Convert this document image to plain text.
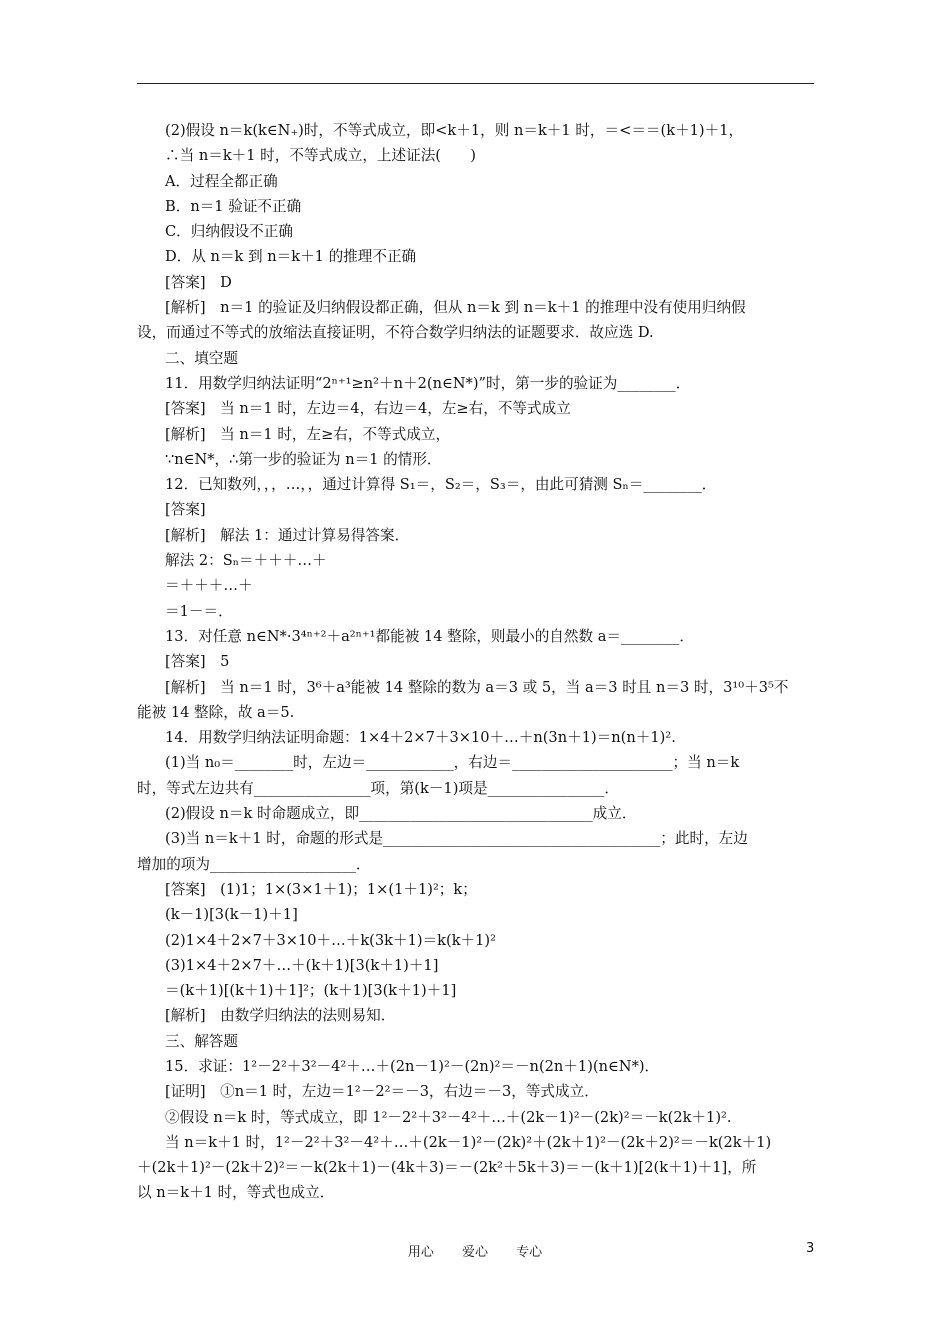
(2)假设 n＝k(k∈N₊)时，不等式成立，即<k＋1，则 n＝k＋1 时，＝<＝＝(k＋1)＋1，
∴当 n＝k＋1 时，不等式成立，上述证法(　　)
A．过程全都正确
B．n＝1 验证不正确
C．归纳假设不正确
D．从 n＝k 到 n＝k＋1 的推理不正确
[答案]　D
[解析]　n＝1 的验证及归纳假设都正确，但从 n＝k 到 n＝k＋1 的推理中没有使用归纳假
设，而通过不等式的放缩法直接证明，不符合数学归纳法的证题要求．故应选 D.
二、填空题
11．用数学归纳法证明“2ⁿ⁺¹≥n²＋n＋2(n∈N*)”时，第一步的验证为________．
[答案]　当 n＝1 时，左边＝4，右边＝4，左≥右，不等式成立
[解析]　当 n＝1 时，左≥右，不等式成立，
∵n∈N*，∴第一步的验证为 n＝1 的情形．
12．已知数列，，，…，，通过计算得 S₁＝，S₂＝，S₃＝，由此可猜测 Sₙ＝________．
[答案]
[解析]　解法 1：通过计算易得答案．
解法 2：Sₙ＝＋＋＋…＋
＝＋＋＋…＋
＝1－＝．
13．对任意 n∈N*·3⁴ⁿ⁺²＋a²ⁿ⁺¹都能被 14 整除，则最小的自然数 a＝________．
[答案]　5
[解析]　当 n＝1 时，3⁶＋a³能被 14 整除的数为 a＝3 或 5，当 a＝3 时且 n＝3 时，3¹⁰＋3⁵不
能被 14 整除，故 a＝5.
14．用数学归纳法证明命题：1×4＋2×7＋3×10＋…＋n(3n＋1)＝n(n＋1)².
(1)当 n₀＝________时，左边＝____________，右边＝______________________；当 n＝k
时，等式左边共有________________项，第(k－1)项是________________．
(2)假设 n＝k 时命题成立，即________________________________成立．
(3)当 n＝k＋1 时，命题的形式是______________________________________；此时，左边
增加的项为____________________．
[答案]　(1)1；1×(3×1＋1)；1×(1＋1)²；k；
(k－1)[3(k－1)＋1]
(2)1×4＋2×7＋3×10＋…＋k(3k＋1)＝k(k＋1)²
(3)1×4＋2×7＋…＋(k＋1)[3(k＋1)＋1]
＝(k＋1)[(k＋1)＋1]²；(k＋1)[3(k＋1)＋1]
[解析]　由数学归纳法的法则易知．
三、解答题
15．求证：1²－2²＋3²－4²＋…＋(2n－1)²－(2n)²＝－n(2n＋1)(n∈N*)．
[证明]　①n＝1 时，左边＝1²－2²＝－3，右边＝－3，等式成立．
②假设 n＝k 时，等式成立，即 1²－2²＋3²－4²＋…＋(2k－1)²－(2k)²＝－k(2k＋1)².
当 n＝k＋1 时，1²－2²＋3²－4²＋…＋(2k－1)²－(2k)²＋(2k＋1)²－(2k＋2)²＝－k(2k＋1)
＋(2k＋1)²－(2k＋2)²＝－k(2k＋1)－(4k＋3)＝－(2k²＋5k＋3)＝－(k＋1)[2(k＋1)＋1]，所
以 n＝k＋1 时，等式也成立．
用心 爱心 专心	3
